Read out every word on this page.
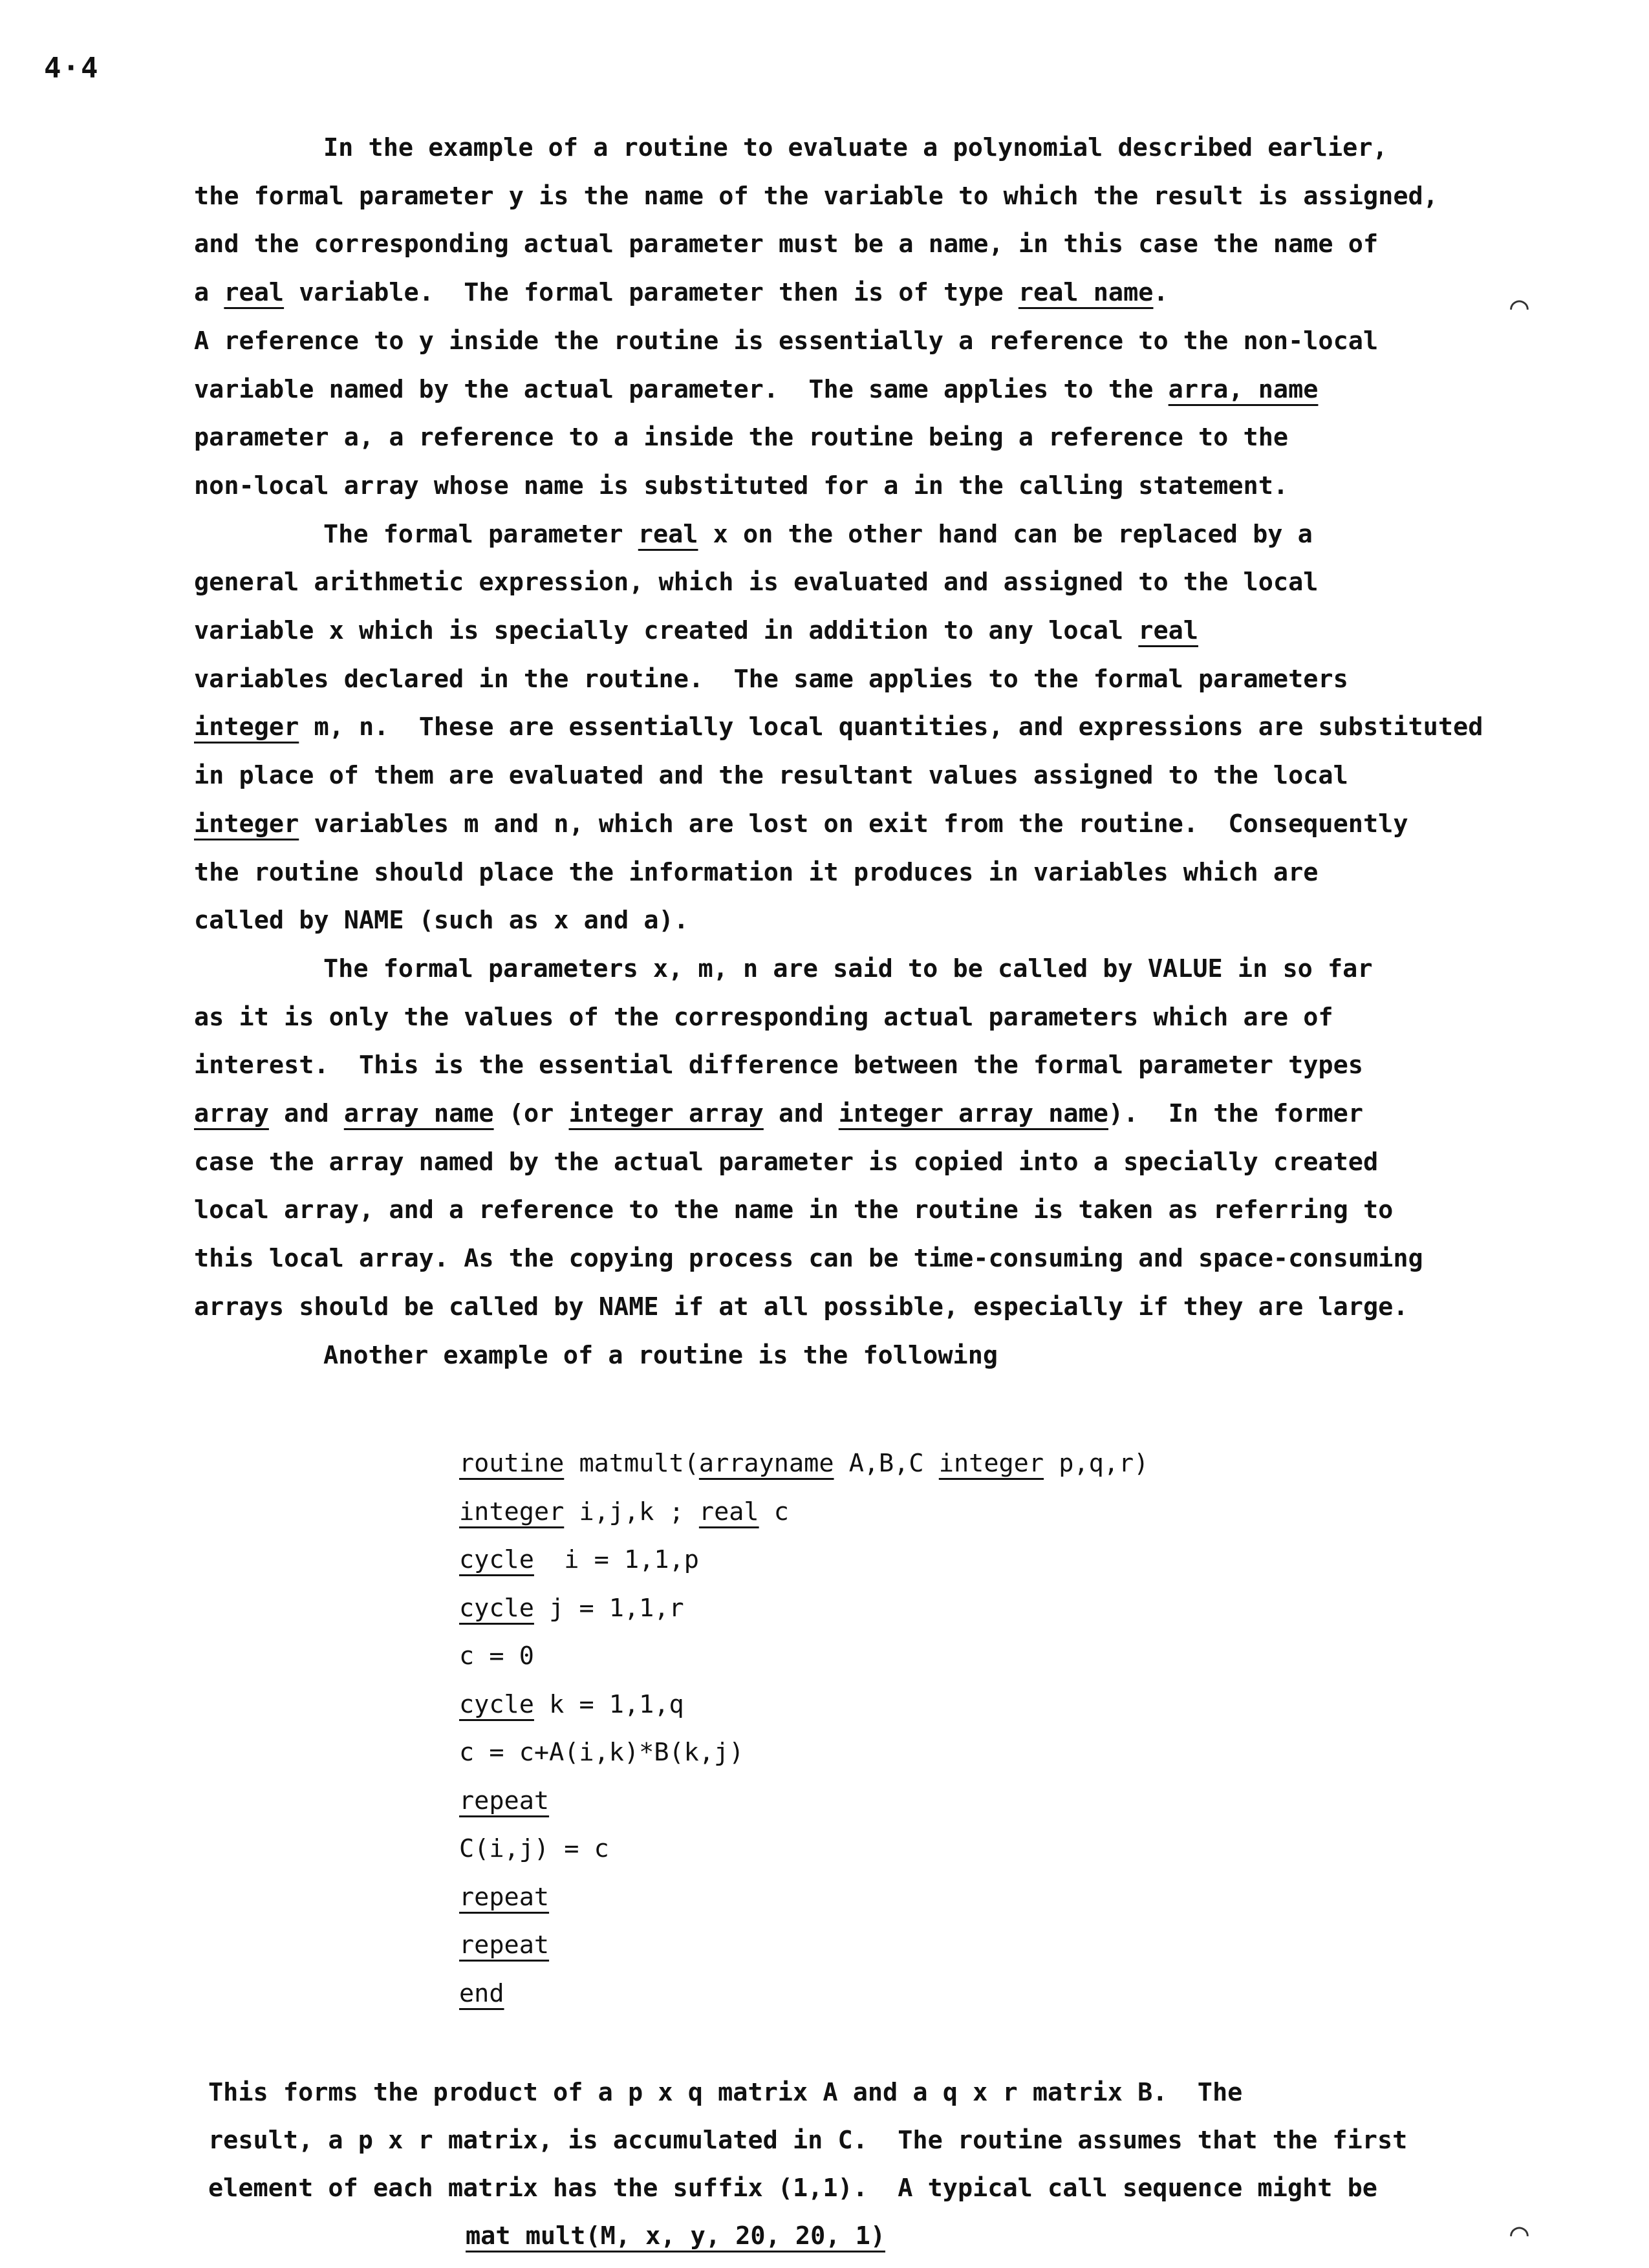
4·4
In the example of a routine to evaluate a polynomial described earlier,
the formal parameter y is the name of the variable to which the result is assigned,
and the corresponding actual parameter must be a name, in this case the name of
a real variable.  The formal parameter then is of type real name.
A reference to y inside the routine is essentially a reference to the non-local
variable named by the actual parameter.  The same applies to the arra, name
parameter a, a reference to a inside the routine being a reference to the
non-local array whose name is substituted for a in the calling statement.
The formal parameter real x on the other hand can be replaced by a
general arithmetic expression, which is evaluated and assigned to the local
variable x which is specially created in addition to any local real
variables declared in the routine.  The same applies to the formal parameters
integer m, n.  These are essentially local quantities, and expressions are substituted
in place of them are evaluated and the resultant values assigned to the local
integer variables m and n, which are lost on exit from the routine.  Consequently
the routine should place the information it produces in variables which are
called by NAME (such as x and a).
The formal parameters x, m, n are said to be called by VALUE in so far
as it is only the values of the corresponding actual parameters which are of
interest.  This is the essential difference between the formal parameter types
array and array name (or integer array and integer array name).  In the former
case the array named by the actual parameter is copied into a specially created
local array, and a reference to the name in the routine is taken as referring to
this local array. As the copying process can be time-consuming and space-consuming
arrays should be called by NAME if at all possible, especially if they are large.
Another example of a routine is the following
routine matmult(arrayname A,B,C integer p,q,r)
integer i,j,k ; real c
cycle  i = 1,1,p
cycle j = 1,1,r
c = 0
cycle k = 1,1,q
c = c+A(i,k)*B(k,j)
repeat
C(i,j) = c
repeat
repeat
end
This forms the product of a p x q matrix A and a q x r matrix B.  The
result, a p x r matrix, is accumulated in C.  The routine assumes that the first
element of each matrix has the suffix (1,1).  A typical call sequence might be
mat mult(M, x, y, 20, 20, 1)
⌒
⌒
